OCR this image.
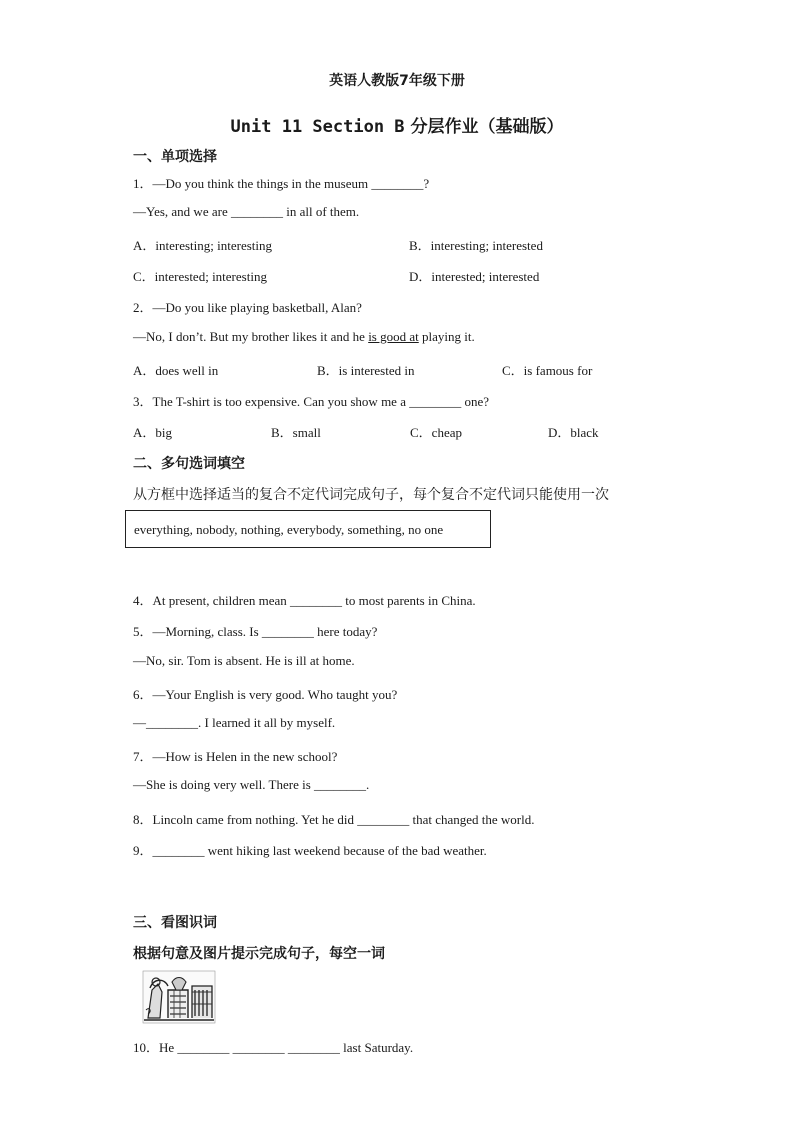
英语人教版7年级下册
Unit 11 Section B 分层作业（基础版）
一、单项选择
1．—Do you think the things in the museum ________?
—Yes, and we are ________ in all of them.
A．interesting; interesting	B．interesting; interested
C．interested; interesting	D．interested; interested
2．—Do you like playing basketball, Alan?
—No, I don’t. But my brother likes it and he is good at playing it.
A．does well in	B．is interested in	C．is famous for
3．The T-shirt is too expensive. Can you show me a ________ one?
A．big	B．small	C．cheap	D．black
二、多句选词填空
从方框中选择适当的复合不定代词完成句子，每个复合不定代词只能使用一次
everything, nobody, nothing, everybody, something, no one
4．At present, children mean ________ to most parents in China.
5．—Morning, class. Is ________ here today?
—No, sir. Tom is absent. He is ill at home.
6．—Your English is very good. Who taught you?
—________. I learned it all by myself.
7．—How is Helen in the new school?
—She is doing very well. There is ________.
8．Lincoln came from nothing. Yet he did ________ that changed the world.
9．________ went hiking last weekend because of the bad weather.
三、看图识词
根据句意及图片提示完成句子，每空一词
10．He ________ ________ ________ last Saturday.
